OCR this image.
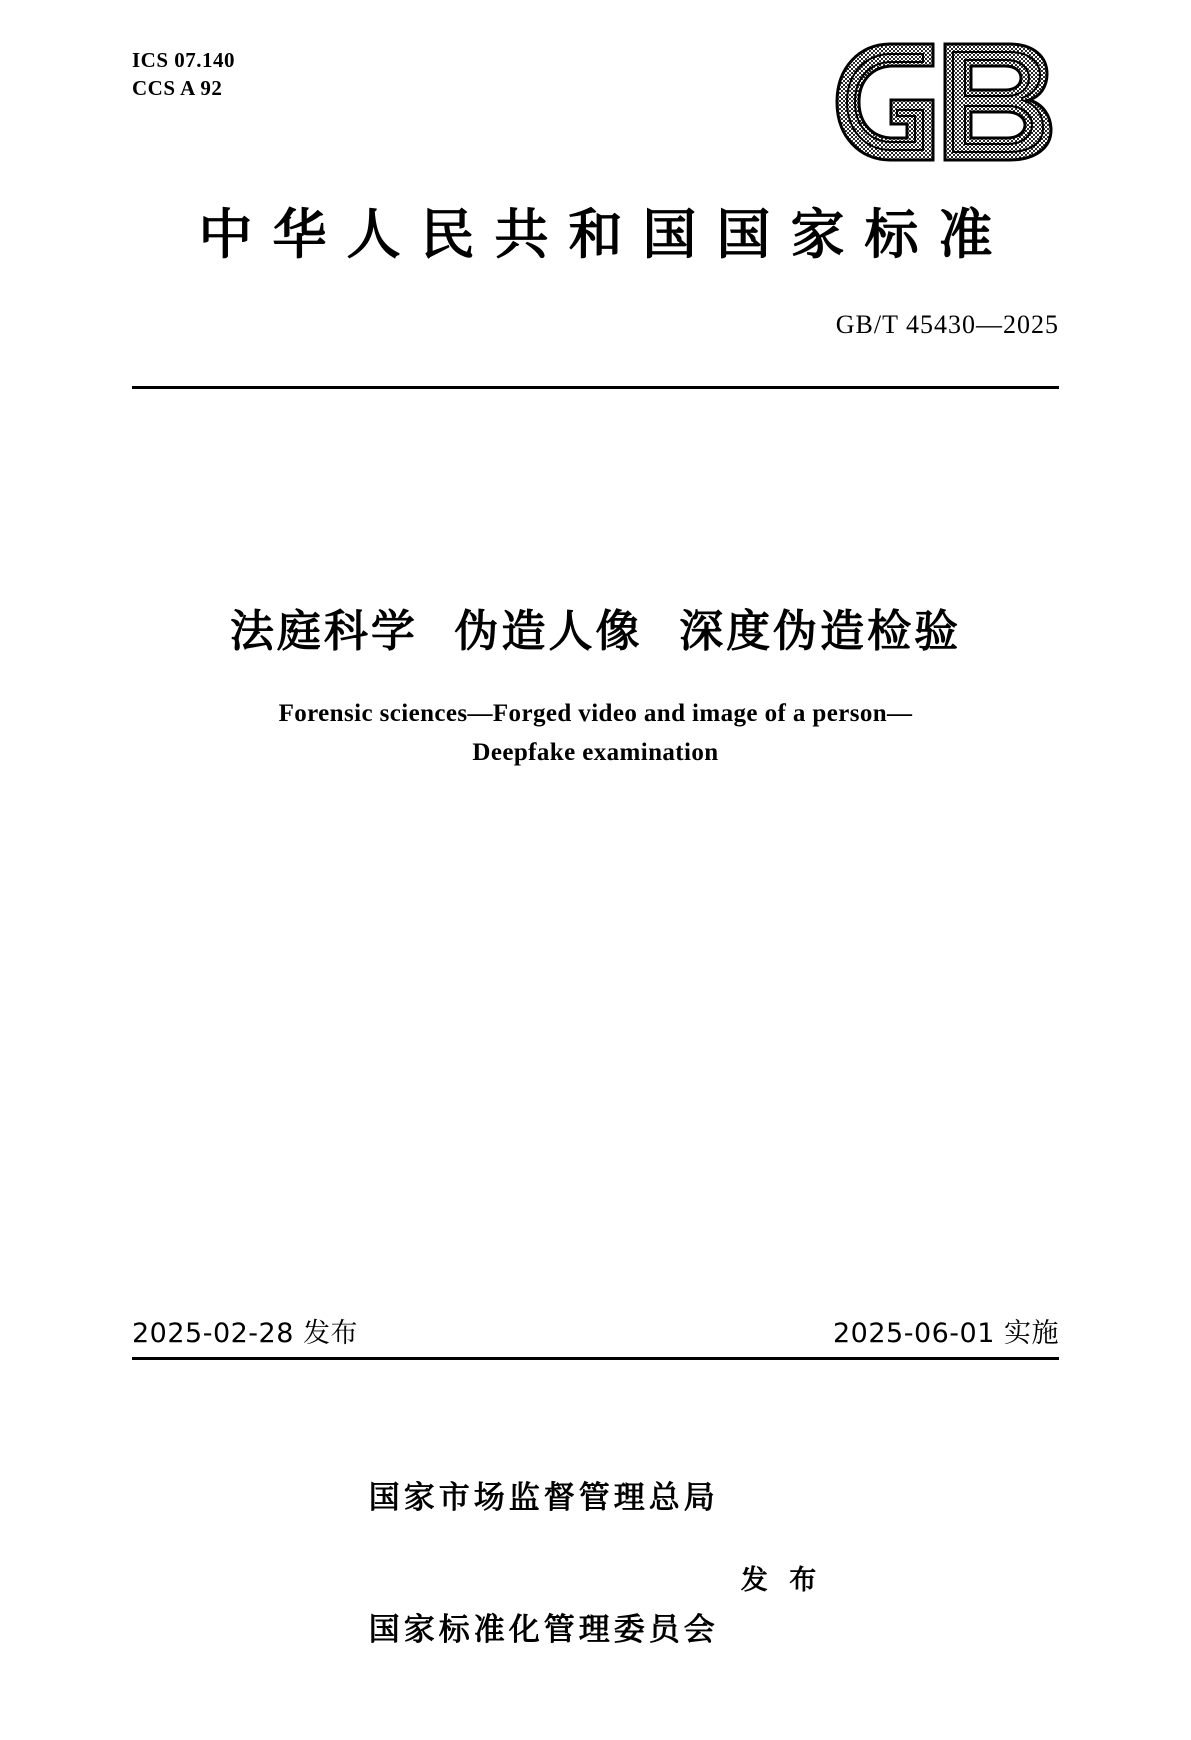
ICS 07.140
CCS A 92
中华人民共和国国家标准
GB/T 45430—2025
法庭科学  伪造人像  深度伪造检验
Forensic sciences—Forged video and image of a person—
Deepfake examination
2025-02-28 发布	2025-06-01 实施

国家市场监督管理总局

国家标准化管理委员会

发 布
